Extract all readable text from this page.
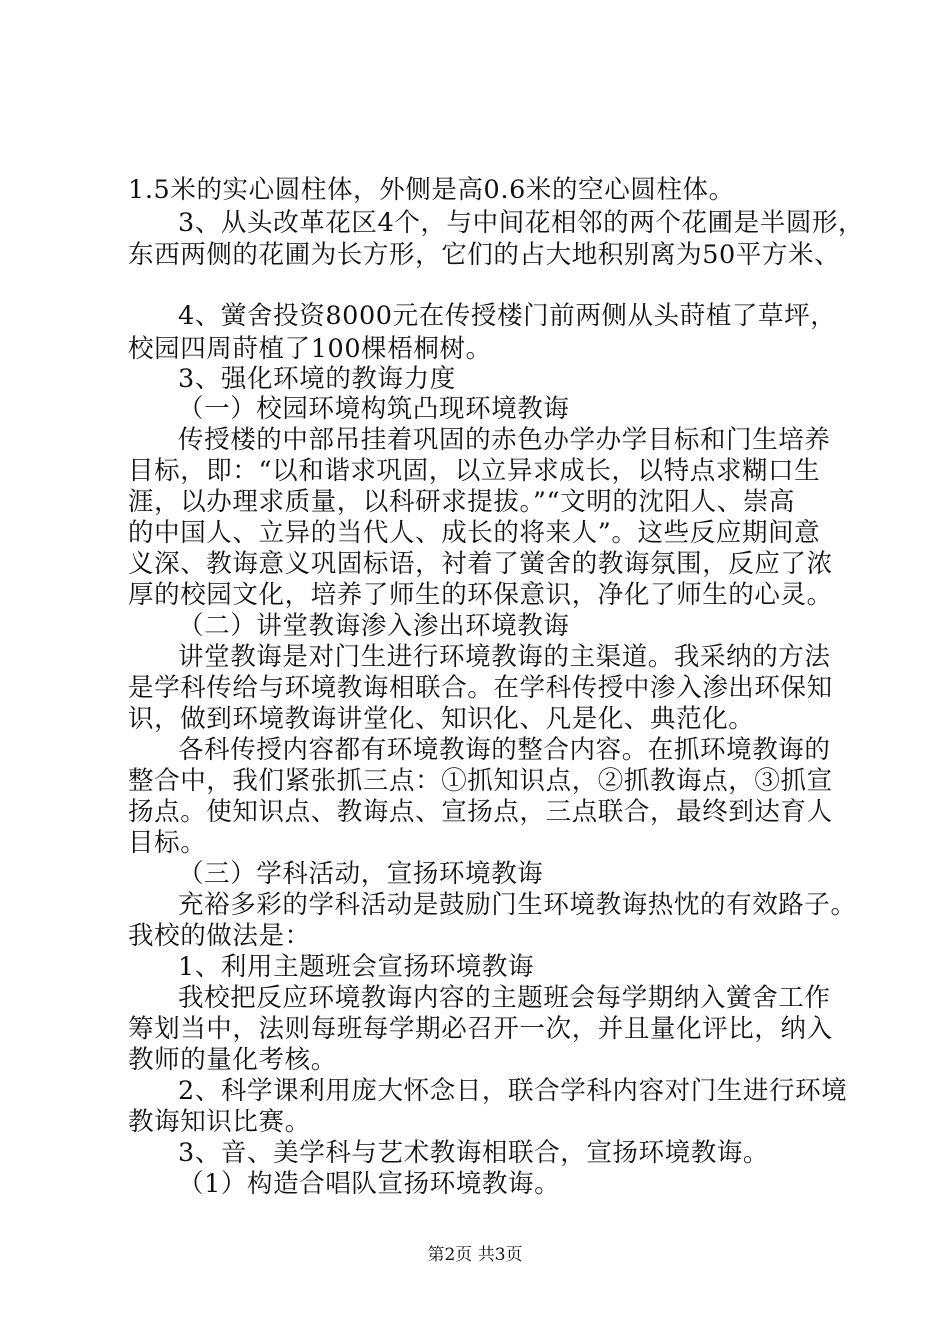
1.5米的实心圆柱体，外侧是高0.6米的空心圆柱体。
3、从头改革花区4个，与中间花相邻的两个花圃是半圆形，
东西两侧的花圃为长方形，它们的占大地积别离为50平方米、
4、黉舍投资8000元在传授楼门前两侧从头莳植了草坪，
校园四周莳植了100棵梧桐树。
3、强化环境的教诲力度
（一）校园环境构筑凸现环境教诲
传授楼的中部吊挂着巩固的赤色办学办学目标和门生培养
目标，即：“以和谐求巩固，以立异求成长，以特点求糊口生
涯，以办理求质量，以科研求提拔。”“文明的沈阳人、崇高
的中国人、立异的当代人、成长的将来人”。这些反应期间意
义深、教诲意义巩固标语，衬着了黉舍的教诲氛围，反应了浓
厚的校园文化，培养了师生的环保意识，净化了师生的心灵。
（二）讲堂教诲渗入渗出环境教诲
讲堂教诲是对门生进行环境教诲的主渠道。我采纳的方法
是学科传给与环境教诲相联合。在学科传授中渗入渗出环保知
识，做到环境教诲讲堂化、知识化、凡是化、典范化。
各科传授内容都有环境教诲的整合内容。在抓环境教诲的
整合中，我们紧张抓三点：①抓知识点，②抓教诲点，③抓宣
扬点。使知识点、教诲点、宣扬点，三点联合，最终到达育人
目标。
（三）学科活动，宣扬环境教诲
充裕多彩的学科活动是鼓励门生环境教诲热忱的有效路子。
我校的做法是：
1、利用主题班会宣扬环境教诲
我校把反应环境教诲内容的主题班会每学期纳入黉舍工作
筹划当中，法则每班每学期必召开一次，并且量化评比，纳入
教师的量化考核。
2、科学课利用庞大怀念日，联合学科内容对门生进行环境
教诲知识比赛。
3、音、美学科与艺术教诲相联合，宣扬环境教诲。
（1）构造合唱队宣扬环境教诲。
第2页 共3页
